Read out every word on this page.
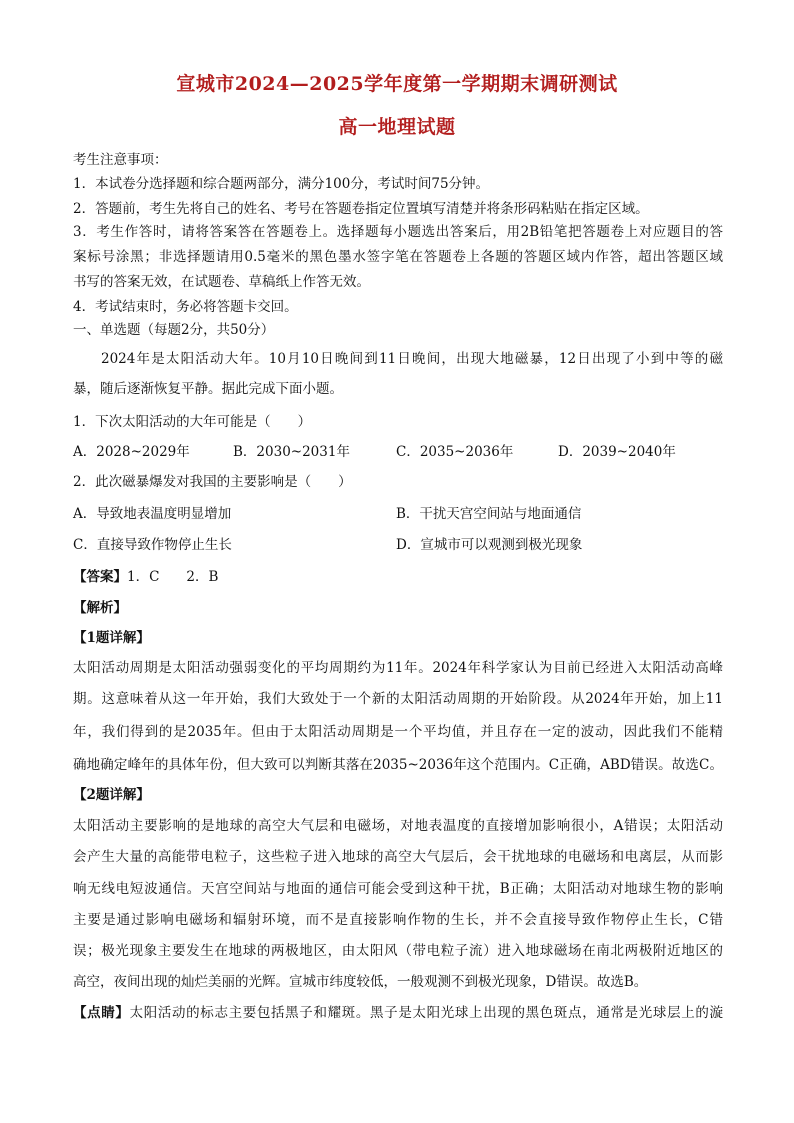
宣城市2024—2025学年度第一学期期末调研测试
高一地理试题
考生注意事项：
1．本试卷分选择题和综合题两部分，满分100分，考试时间75分钟。
2．答题前，考生先将自己的姓名、考号在答题卷指定位置填写清楚并将条形码粘贴在指定区域。
3．考生作答时，请将答案答在答题卷上。选择题每小题选出答案后，用2B铅笔把答题卷上对应题目的答
案标号涂黑；非选择题请用0.5毫米的黑色墨水签字笔在答题卷上各题的答题区域内作答，超出答题区域
书写的答案无效，在试题卷、草稿纸上作答无效。
4．考试结束时，务必将答题卡交回。
一、单选题（每题2分，共50分）
2024年是太阳活动大年。10月10日晚间到11日晚间，出现大地磁暴，12日出现了小到中等的磁
暴，随后逐渐恢复平静。据此完成下面小题。
1．下次太阳活动的大年可能是（　　）
A．2028~2029年	B．2030~2031年	C．2035~2036年	D．2039~2040年
2．此次磁暴爆发对我国的主要影响是（　　）
A．导致地表温度明显增加	B．干扰天宫空间站与地面通信
C．直接导致作物停止生长	D．宣城市可以观测到极光现象
【答案】1．C　　2．B
【解析】
【1题详解】
太阳活动周期是太阳活动强弱变化的平均周期约为11年。2024年科学家认为目前已经进入太阳活动高峰
期。这意味着从这一年开始，我们大致处于一个新的太阳活动周期的开始阶段。从2024年开始，加上11
年，我们得到的是2035年。但由于太阳活动周期是一个平均值，并且存在一定的波动，因此我们不能精
确地确定峰年的具体年份，但大致可以判断其落在2035~2036年这个范围内。C正确，ABD错误。故选C。
【2题详解】
太阳活动主要影响的是地球的高空大气层和电磁场，对地表温度的直接增加影响很小，A错误；太阳活动
会产生大量的高能带电粒子，这些粒子进入地球的高空大气层后，会干扰地球的电磁场和电离层，从而影
响无线电短波通信。天宫空间站与地面的通信可能会受到这种干扰，B正确；太阳活动对地球生物的影响
主要是通过影响电磁场和辐射环境，而不是直接影响作物的生长，并不会直接导致作物停止生长，C错
误；极光现象主要发生在地球的两极地区，由太阳风（带电粒子流）进入地球磁场在南北两极附近地区的
高空，夜间出现的灿烂美丽的光辉。宣城市纬度较低，一般观测不到极光现象，D错误。故选B。
【点睛】太阳活动的标志主要包括黑子和耀斑。黑子是太阳光球上出现的黑色斑点，通常是光球层上的漩
